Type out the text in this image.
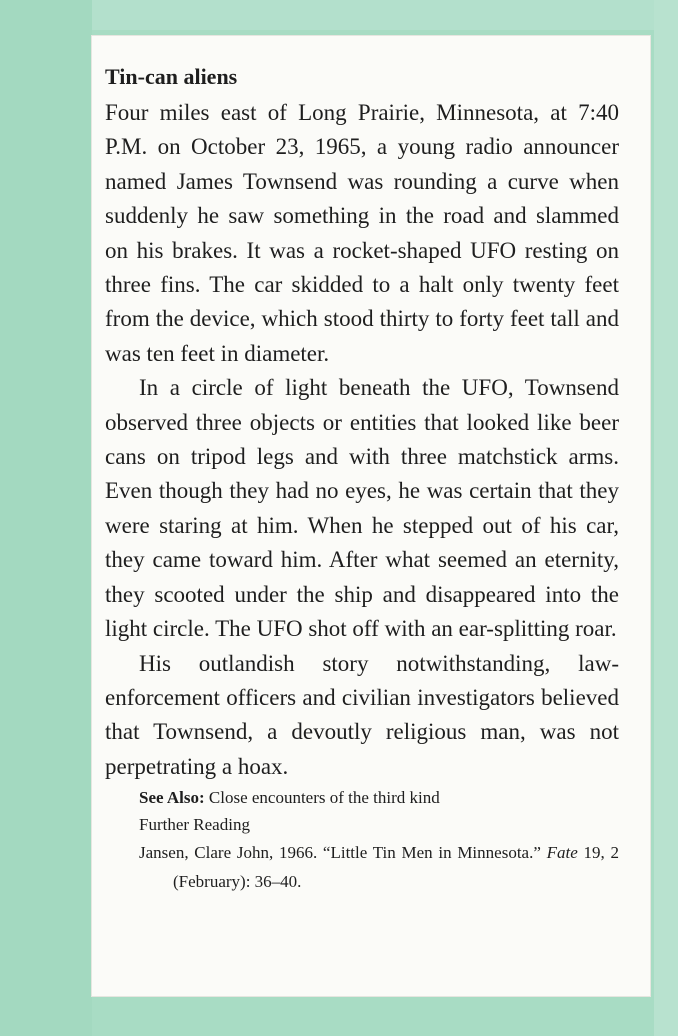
Tin-can aliens

Four miles east of Long Prairie, Minnesota, at 7:40 P.M. on October 23, 1965, a young radio announcer named James Townsend was rounding a curve when suddenly he saw something in the road and slammed on his brakes. It was a rocket-shaped UFO resting on three fins. The car skidded to a halt only twenty feet from the device, which stood thirty to forty feet tall and was ten feet in diameter.

In a circle of light beneath the UFO, Townsend observed three objects or entities that looked like beer cans on tripod legs and with three matchstick arms. Even though they had no eyes, he was certain that they were staring at him. When he stepped out of his car, they came toward him. After what seemed an eternity, they scooted under the ship and disappeared into the light circle. The UFO shot off with an ear-splitting roar.

His outlandish story notwithstanding, law-enforcement officers and civilian investigators believed that Townsend, a devoutly religious man, was not perpetrating a hoax.

See Also: Close encounters of the third kind
Further Reading
Jansen, Clare John, 1966. “Little Tin Men in Minnesota.” Fate 19, 2 (February): 36–40.
